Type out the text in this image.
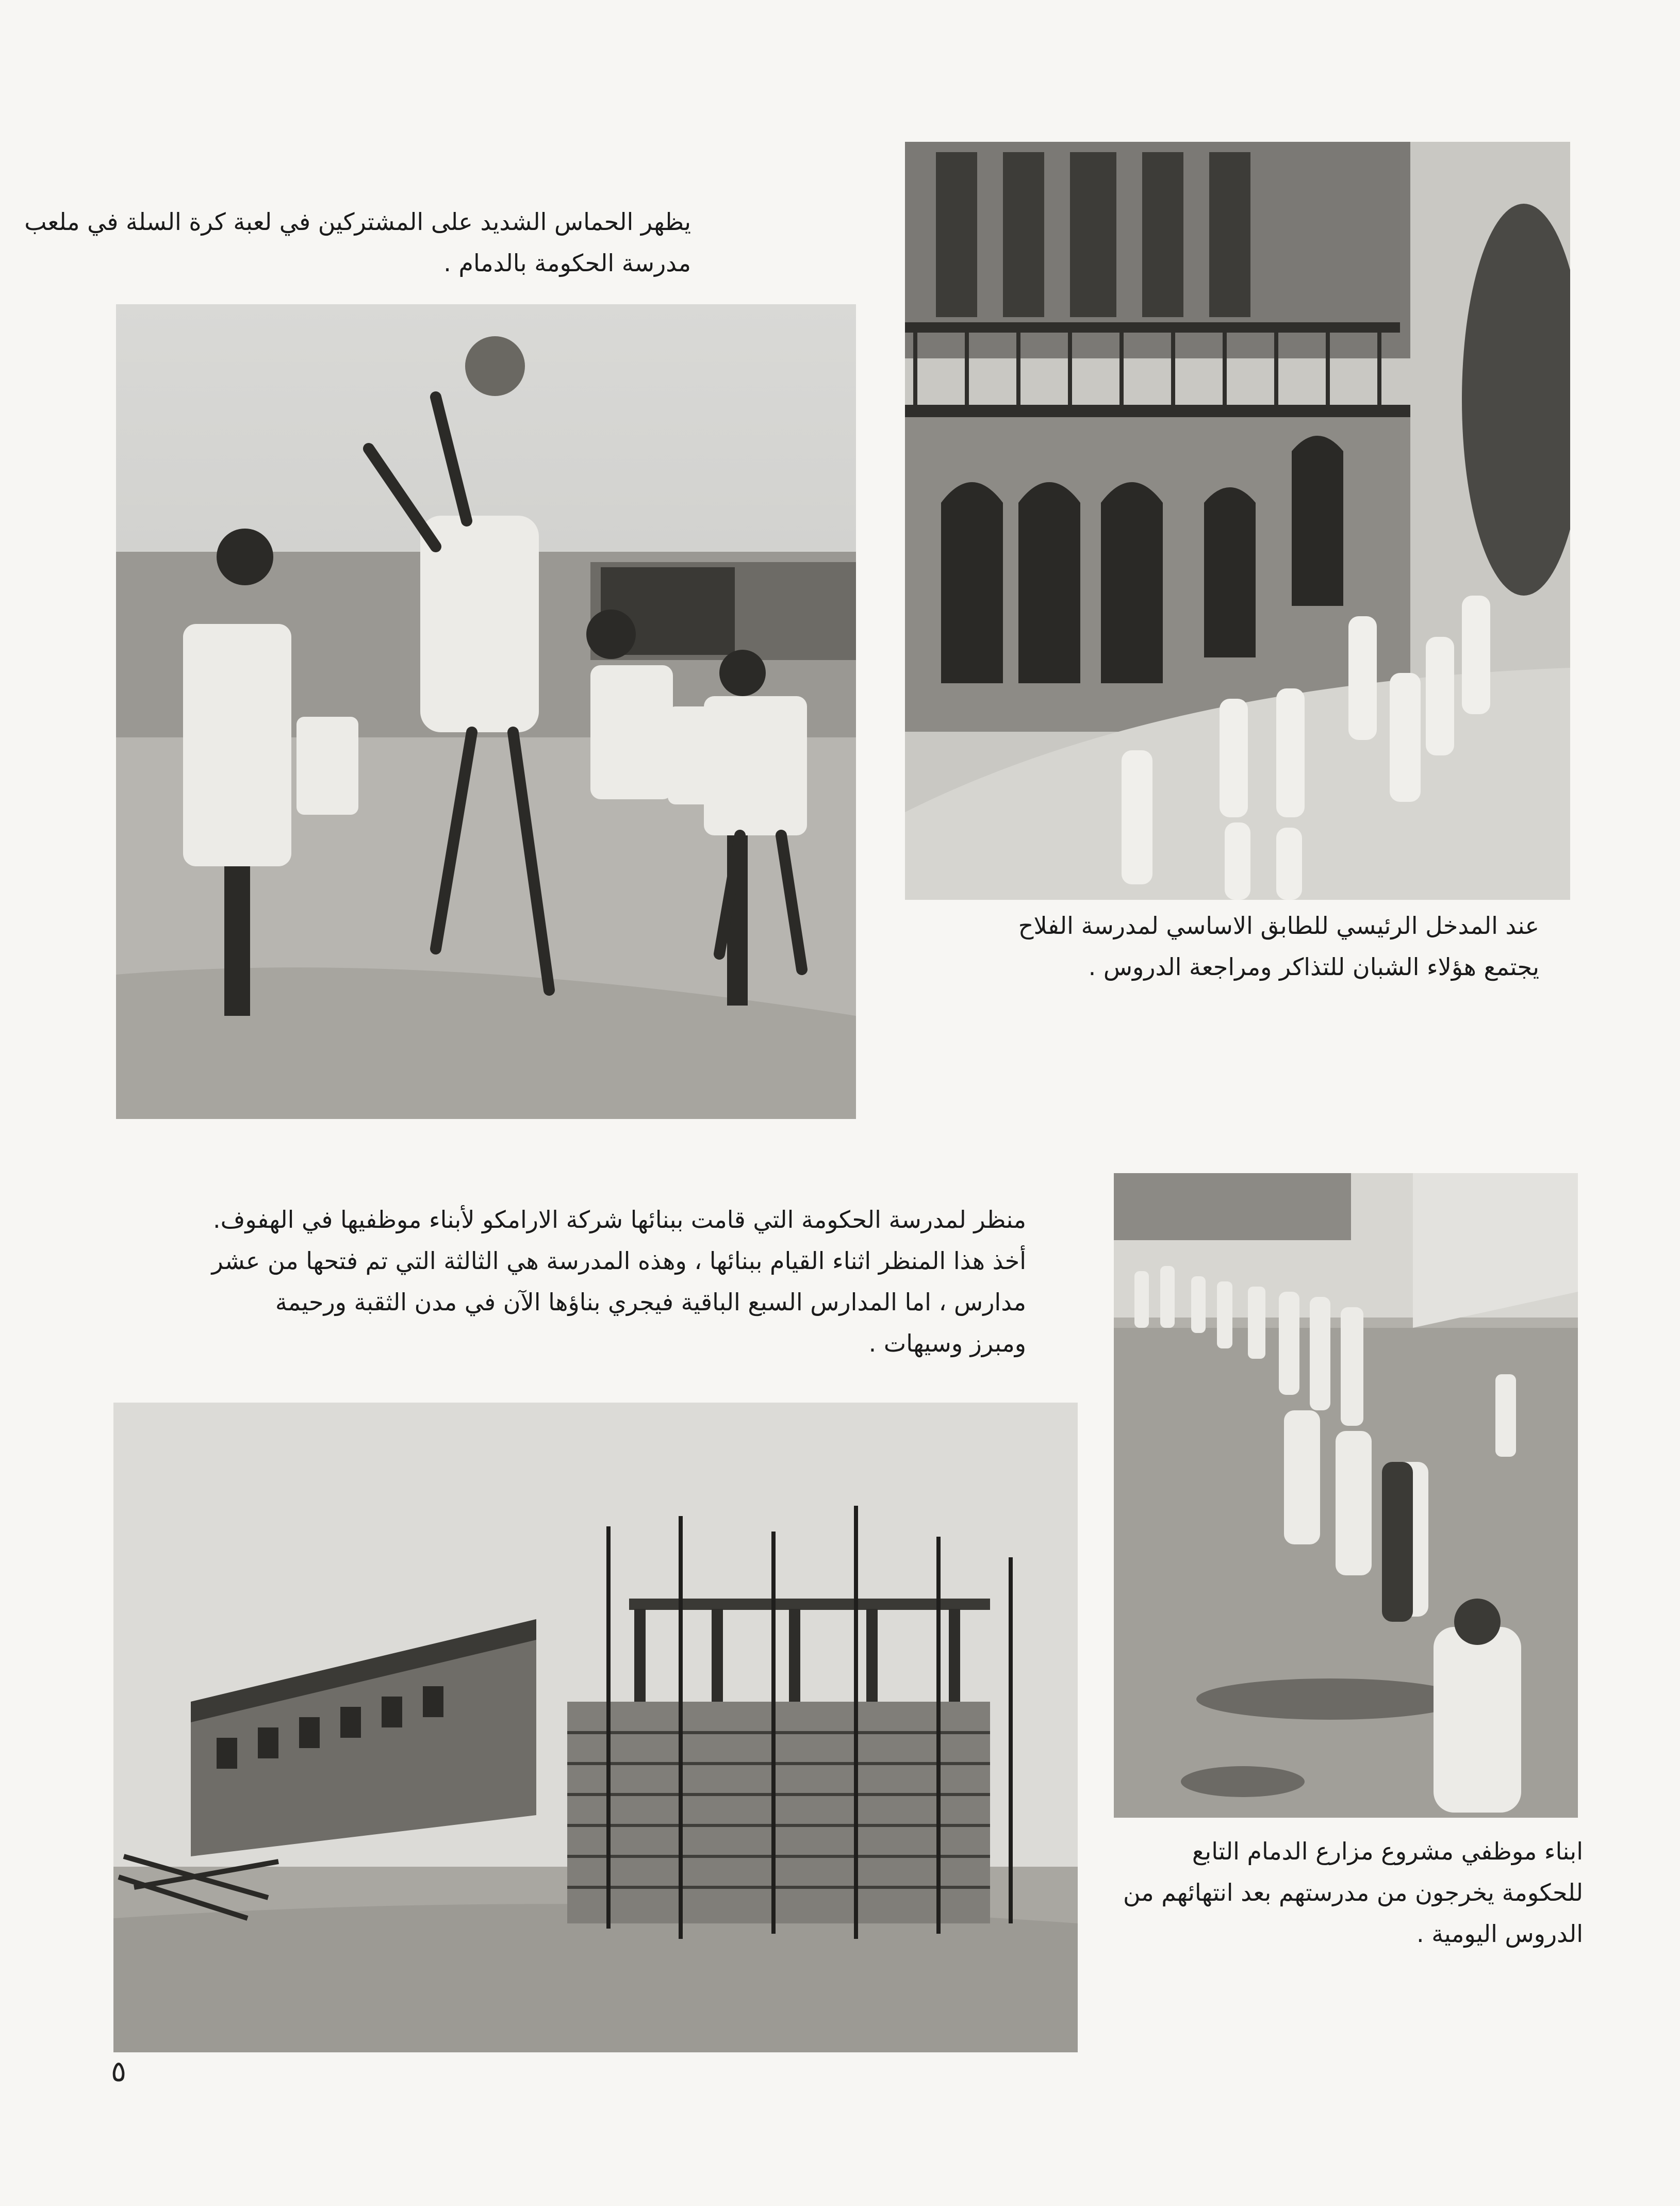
يظهر الحماس الشديد على المشتركين في لعبة كرة السلة في ملعب

مدرسة الحكومة بالدمام .

عند المدخل الرئيسي للطابق الاساسي لمدرسة الفلاح

يجتمع هؤلاء الشبان للتذاكر ومراجعة الدروس .

منظر لمدرسة الحكومة التي قامت ببنائها شركة الارامكو لأبناء موظفيها في الهفوف.

أخذ هذا المنظر اثناء القيام ببنائها ، وهذه المدرسة هي الثالثة التي تم فتحها من عشر

مدارس ، اما المدارس السبع الباقية فيجري بناؤها الآن في مدن الثقبة ورحيمة

ومبرز وسيهات .

ابناء موظفي مشروع مزارع الدمام التابع

للحكومة يخرجون من مدرستهم بعد انتهائهم من

الدروس اليومية .

٥
